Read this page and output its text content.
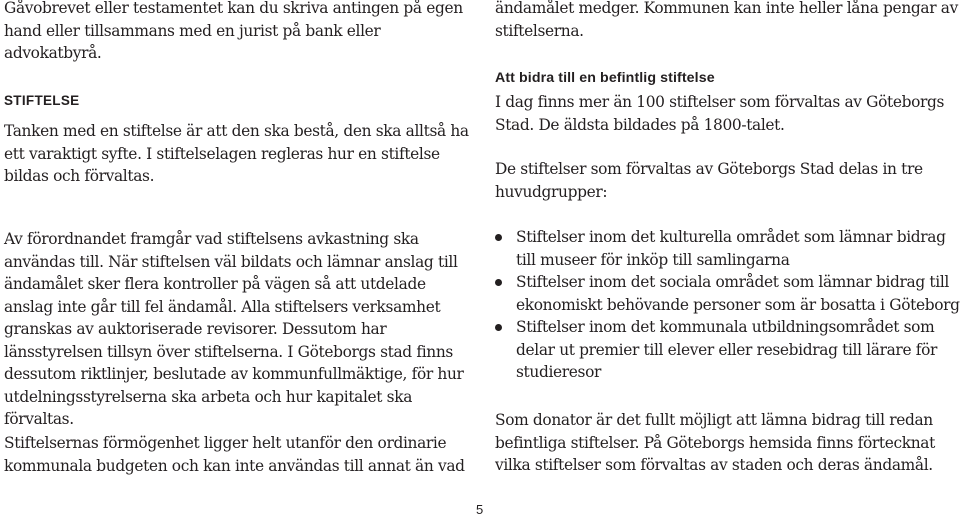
Gåvobrevet eller testamentet kan du skriva antingen på egen hand eller tillsammans med en jurist på bank eller advokatbyrå.

STIFTELSE

Tanken med en stiftelse är att den ska bestå, den ska alltså ha ett varaktigt syfte. I stiftelselagen regleras hur en stiftelse bildas och förvaltas.

Av förordnandet framgår vad stiftelsens avkastning ska användas till. När stiftelsen väl bildats och lämnar anslag till ändamålet sker flera kontroller på vägen så att utdelade anslag inte går till fel ändamål. Alla stiftelsers verksamhet granskas av auktoriserade revisorer. Dessutom har länsstyrelsen tillsyn över stiftelserna. I Göteborgs stad finns dessutom riktlinjer, beslutade av kommunfullmäktige, för hur utdelningsstyrelserna ska arbeta och hur kapitalet ska förvaltas.

Stiftelsernas förmögenhet ligger helt utanför den ordinarie kommunala budgeten och kan inte användas till annat än vad

ändamålet medger. Kommunen kan inte heller låna pengar av stiftelserna.

Att bidra till en befintlig stiftelse

I dag finns mer än 100 stiftelser som förvaltas av Göteborgs Stad. De äldsta bildades på 1800-talet.

De stiftelser som förvaltas av Göteborgs Stad delas in tre huvudgrupper:

Stiftelser inom det kulturella området som lämnar bidrag till museer för inköp till samlingarna
Stiftelser inom det sociala området som lämnar bidrag till ekonomiskt behövande personer som är bosatta i Göteborg
Stiftelser inom det kommunala utbildningsområdet som delar ut premier till elever eller resebidrag till lärare för studieresor

Som donator är det fullt möjligt att lämna bidrag till redan befintliga stiftelser. På Göteborgs hemsida finns förtecknat vilka stiftelser som förvaltas av staden och deras ändamål.

5
